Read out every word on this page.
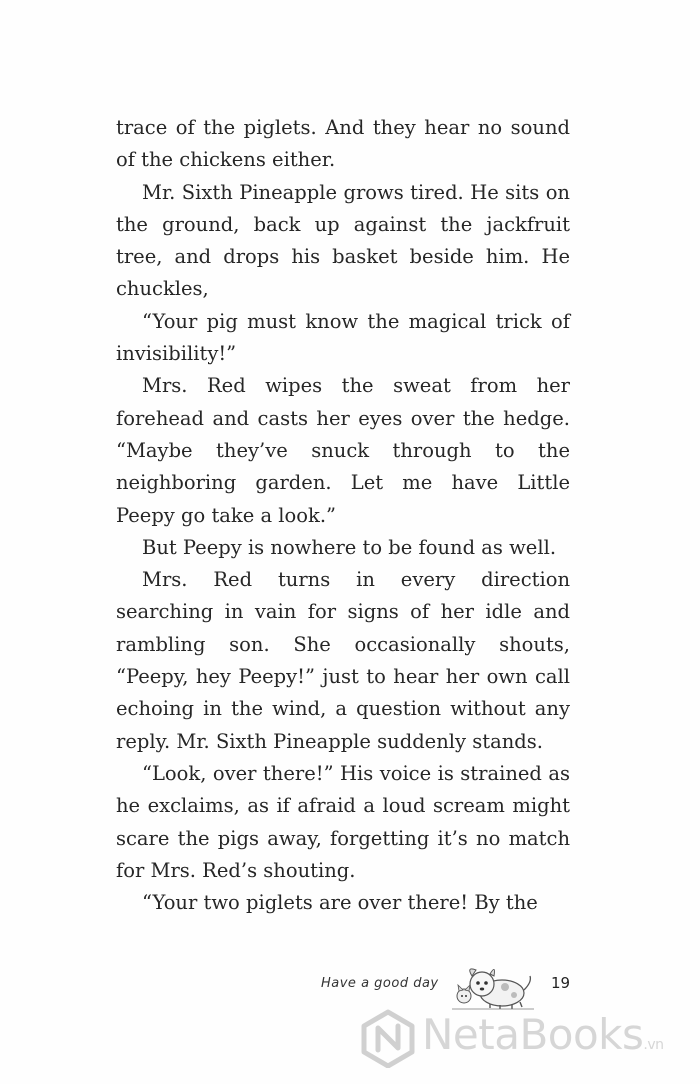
trace of the piglets. And they hear no sound of the chickens either.

Mr. Sixth Pineapple grows tired. He sits on the ground, back up against the jackfruit tree, and drops his basket beside him. He chuckles,

“Your pig must know the magical trick of invisibility!”

Mrs. Red wipes the sweat from her forehead and casts her eyes over the hedge. “Maybe they’ve snuck through to the neighboring garden. Let me have Little Peepy go take a look.”

But Peepy is nowhere to be found as well.

Mrs. Red turns in every direction searching in vain for signs of her idle and rambling son. She occasionally shouts, “Peepy, hey Peepy!” just to hear her own call echoing in the wind, a question without any reply. Mr. Sixth Pineapple suddenly stands.

“Look, over there!” His voice is strained as he exclaims, as if afraid a loud scream might scare the pigs away, forgetting it’s no match for Mrs. Red’s shouting.

“Your two piglets are over there! By the

Have a good day	19
NetaBooks.vn
